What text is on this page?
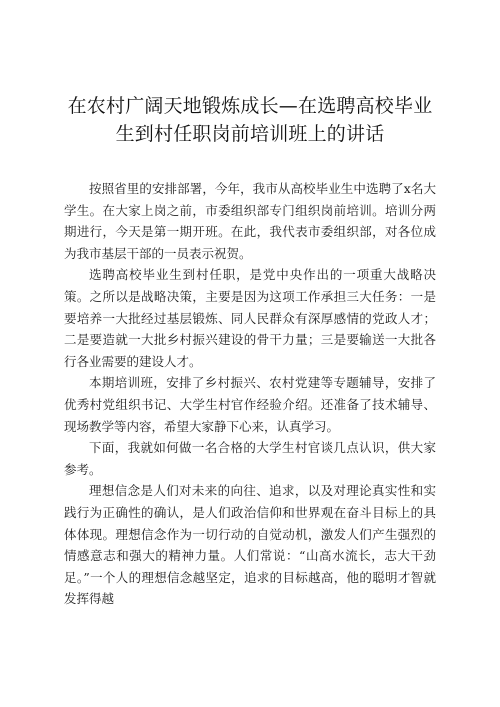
在农村广阔天地锻炼成长—在选聘高校毕业
生到村任职岗前培训班上的讲话

按照省里的安排部署，今年，我市从高校毕业生中选聘了x名大学生。在大家上岗之前，市委组织部专门组织岗前培训。培训分两期进行，今天是第一期开班。在此，我代表市委组织部，对各位成为我市基层干部的一员表示祝贺。

选聘高校毕业生到村任职，是党中央作出的一项重大战略决策。之所以是战略决策，主要是因为这项工作承担三大任务：一是要培养一大批经过基层锻炼、同人民群众有深厚感情的党政人才；二是要造就一大批乡村振兴建设的骨干力量；三是要输送一大批各行各业需要的建设人才。

本期培训班，安排了乡村振兴、农村党建等专题辅导，安排了优秀村党组织书记、大学生村官作经验介绍。还准备了技术辅导、现场教学等内容，希望大家静下心来，认真学习。

下面，我就如何做一名合格的大学生村官谈几点认识，供大家参考。

理想信念是人们对未来的向往、追求，以及对理论真实性和实践行为正确性的确认，是人们政治信仰和世界观在奋斗目标上的具体体现。理想信念作为一切行动的自觉动机，激发人们产生强烈的情感意志和强大的精神力量。人们常说：“山高水流长，志大干劲足。”一个人的理想信念越坚定，追求的目标越高，他的聪明才智就发挥得越
